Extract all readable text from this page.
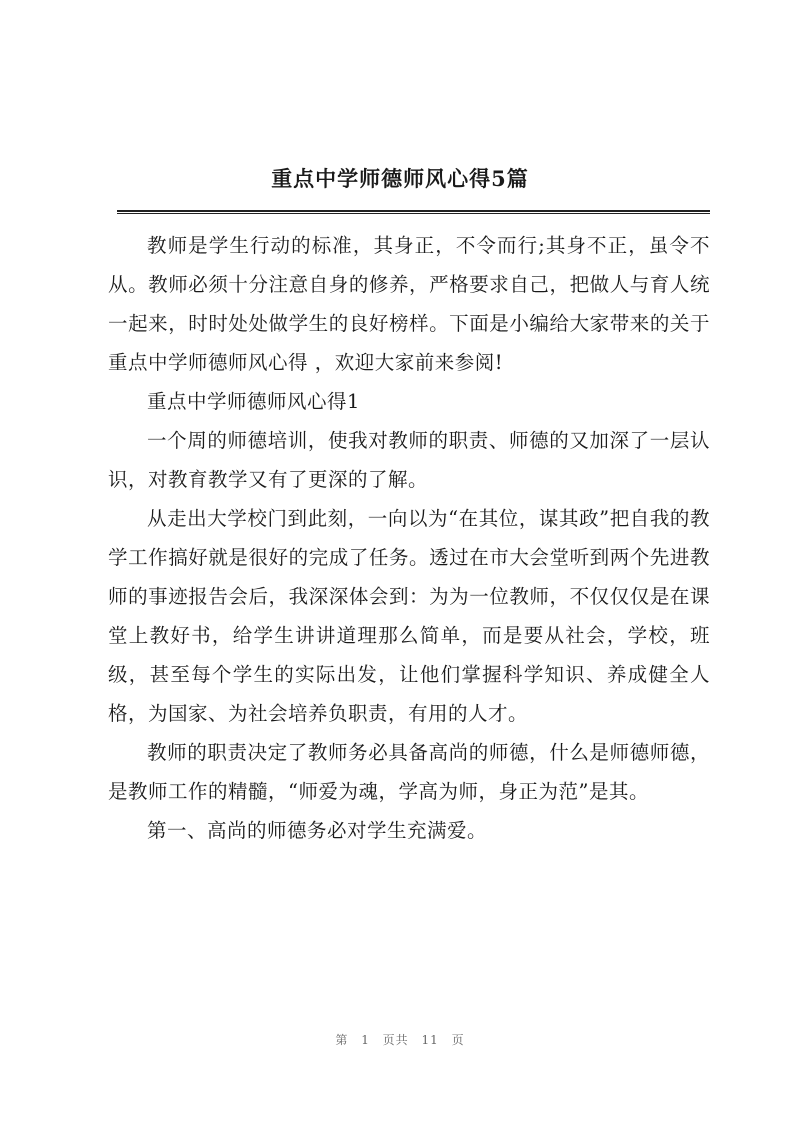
重点中学师德师风心得5篇

教师是学生行动的标准，其身正，不令而行;其身不正，虽令不从。教师必须十分注意自身的修养，严格要求自己，把做人与育人统一起来，时时处处做学生的良好榜样。下面是小编给大家带来的关于重点中学师德师风心得 ，欢迎大家前来参阅!

重点中学师德师风心得1

一个周的师德培训，使我对教师的职责、师德的又加深了一层认识，对教育教学又有了更深的了解。

从走出大学校门到此刻，一向以为“在其位，谋其政”把自我的教学工作搞好就是很好的完成了任务。透过在市大会堂听到两个先进教师的事迹报告会后，我深深体会到：为为一位教师，不仅仅仅是在课堂上教好书，给学生讲讲道理那么简单，而是要从社会，学校，班级，甚至每个学生的实际出发，让他们掌握科学知识、养成健全人格，为国家、为社会培养负职责，有用的人才。

教师的职责决定了教师务必具备高尚的师德，什么是师德师德，是教师工作的精髓，“师爱为魂，学高为师，身正为范”是其。

第一、高尚的师德务必对学生充满爱。

第 1 页共 11 页
